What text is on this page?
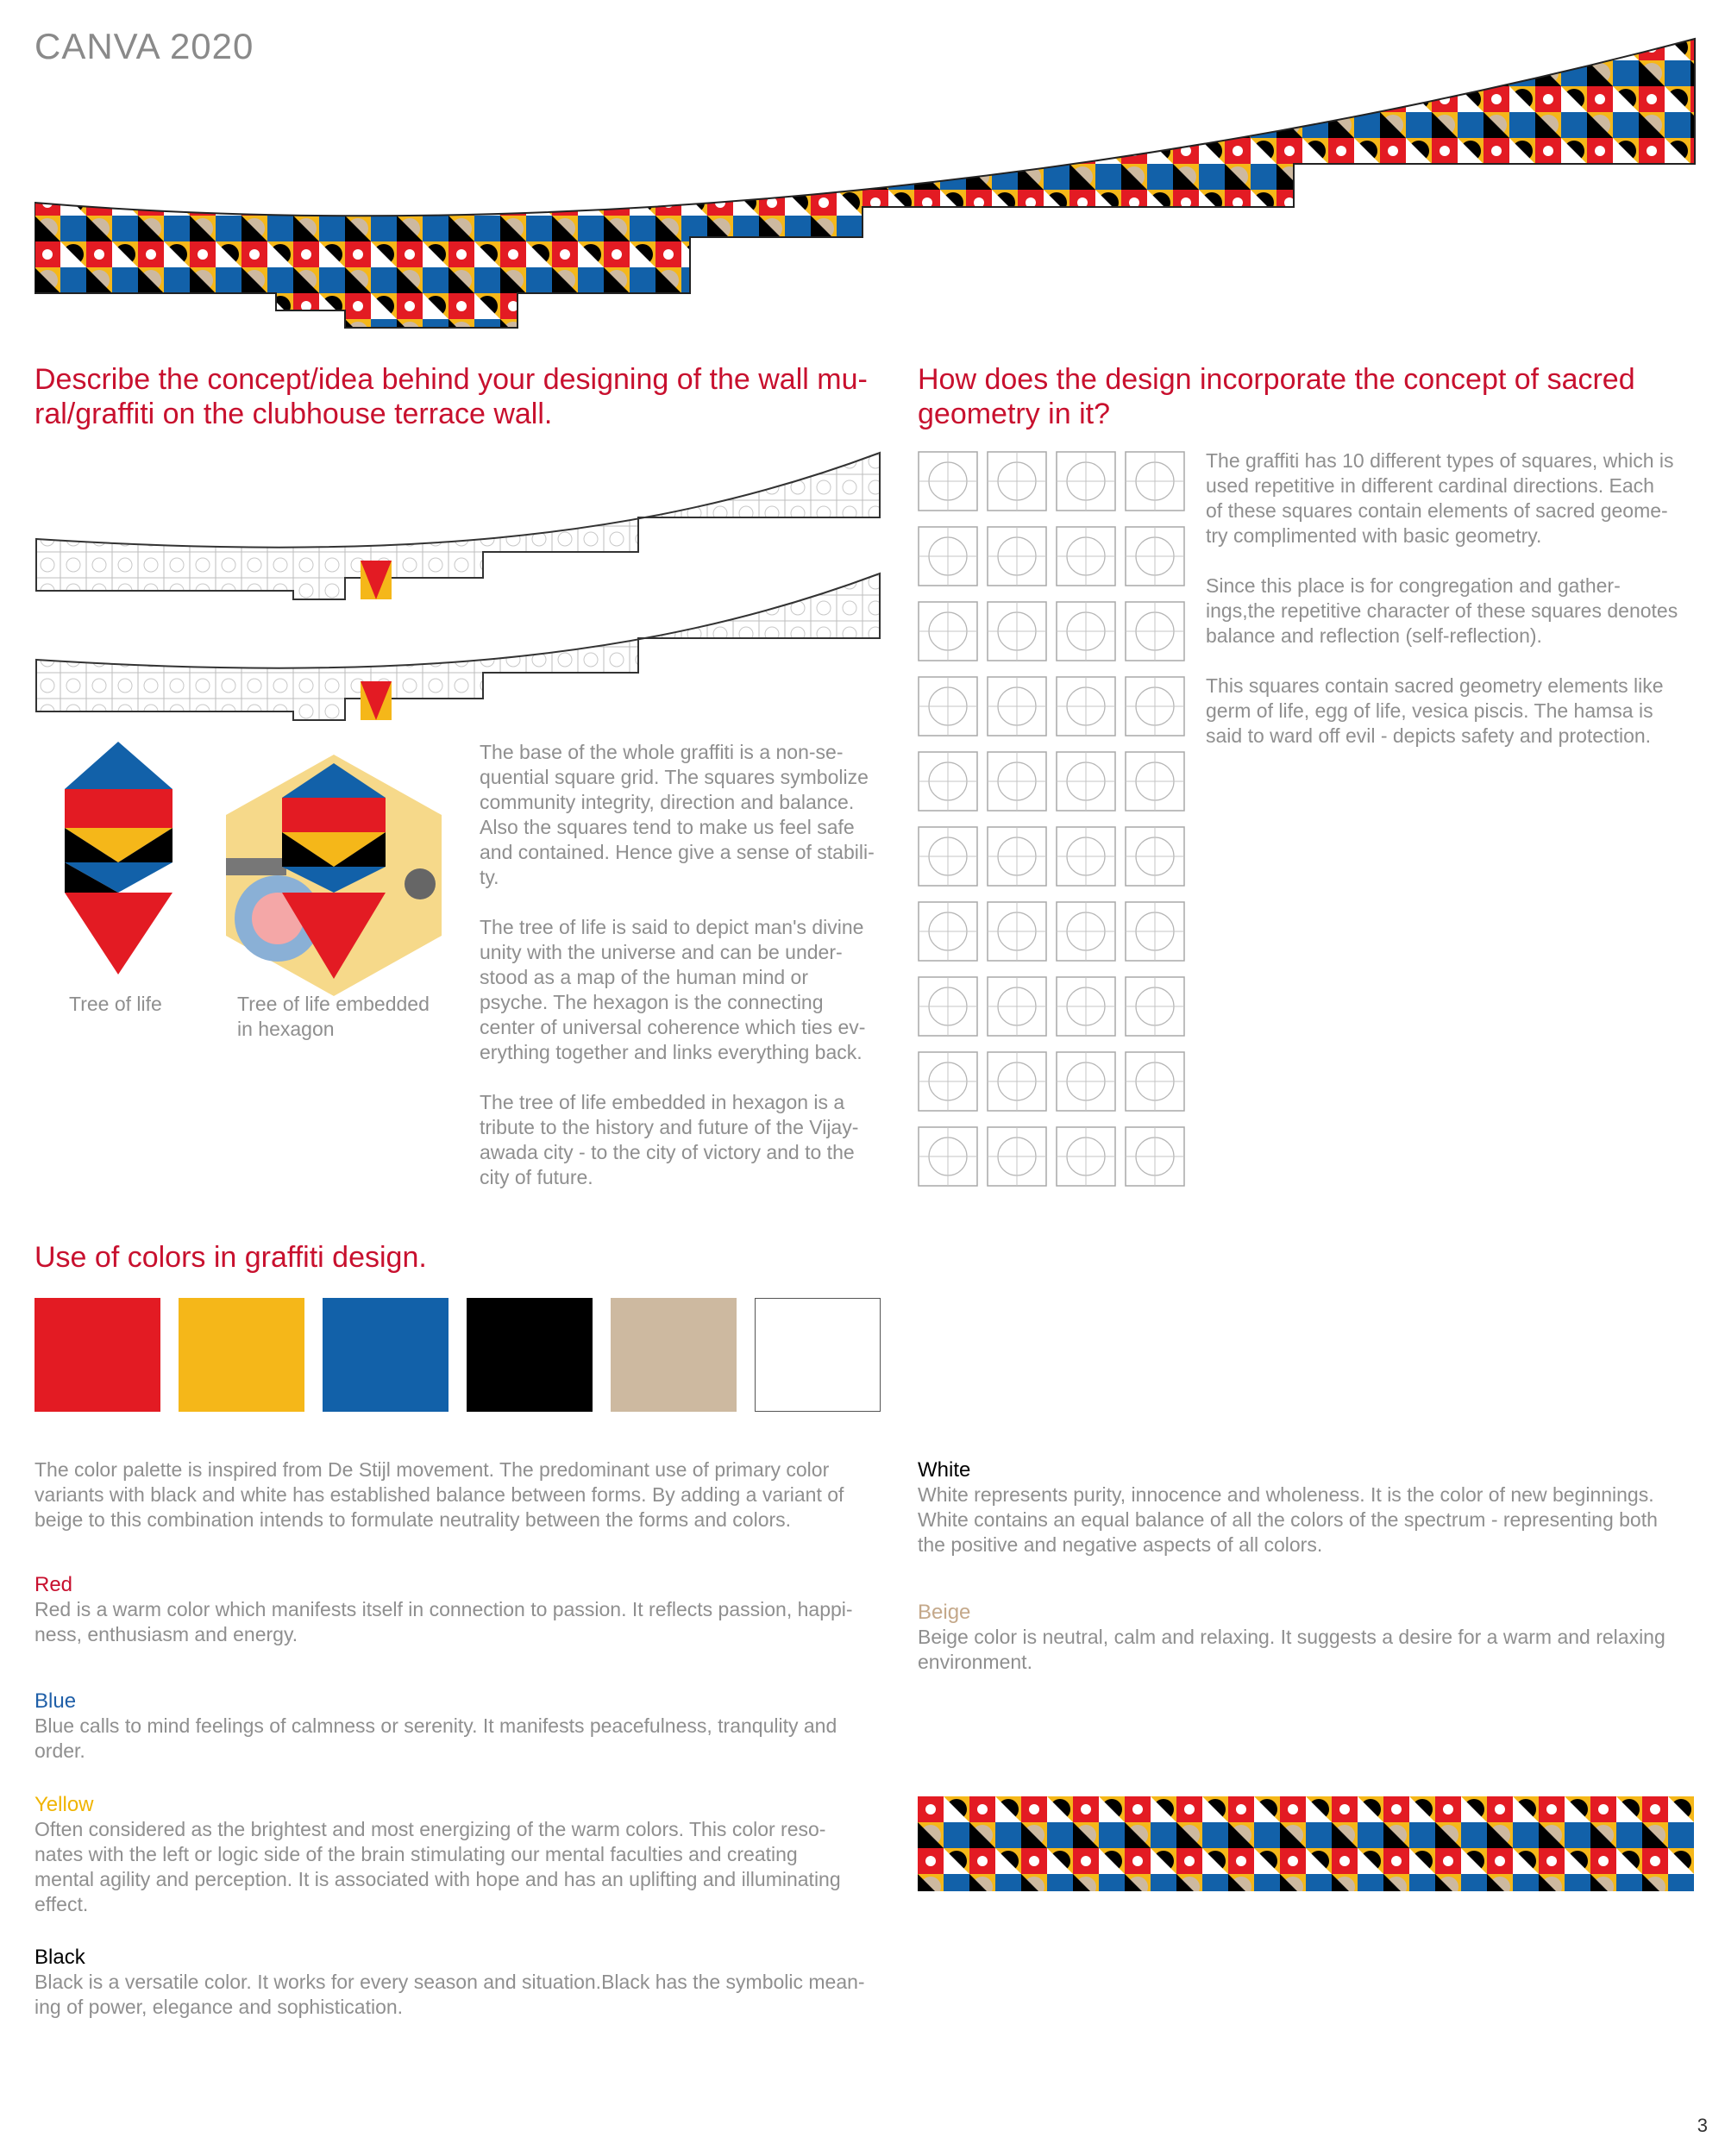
CANVA 2020
Describe the concept/idea behind your designing of the wall mu-
ral/graffiti on the clubhouse terrace wall.
Tree of life	Tree of life embedded
in hexagon

The base of the whole graffiti is a non-se-
quential square grid. The squares symbolize
community integrity, direction and balance.
Also the squares tend to make us feel safe
and contained. Hence give a sense of stabili-
ty.

The tree of life is said to depict man's divine
unity with the universe and can be under-
stood as a map of the human mind or
psyche. The hexagon is the connecting
center of universal coherence which ties ev-
erything together and links everything back.

The tree of life embedded in hexagon is a
tribute to the history and future of the Vijay-
awada city - to the city of victory and to the
city of future.

How does the design incorporate the concept of sacred
geometry in it?

The graffiti has 10 different types of squares, which is
used repetitive in different cardinal directions. Each
of these squares contain elements of sacred geome-
try complimented with basic geometry.

Since this place is for congregation and gather-
ings,the repetitive character of these squares denotes
balance and reflection (self-reflection).

This squares contain sacred geometry elements like
germ of life, egg of life, vesica piscis. The hamsa is
said to ward off evil - depicts safety and protection.

Use of colors in graffiti design.
The color palette is inspired from De Stijl movement. The predominant use of primary color
variants with black and white has established balance between forms. By adding a variant of
beige to this combination intends to formulate neutrality between the forms and colors.
Red
Red is a warm color which manifests itself in connection to passion. It reflects passion, happi-
ness, enthusiasm and energy.
Blue
Blue calls to mind feelings of calmness or serenity. It manifests peacefulness, tranqulity and
order.
Yellow
Often considered as the brightest and most energizing of the warm colors. This color reso-
nates with the left or logic side of the brain stimulating our mental faculties and creating
mental agility and perception. It is associated with hope and has an uplifting and illuminating
effect.
Black
Black is a versatile color. It works for every season and situation.Black has the symbolic mean-
ing of power, elegance and sophistication.
White
White represents purity, innocence and wholeness. It is the color of new beginnings.
White contains an equal balance of all the colors of the spectrum - representing both
the positive and negative aspects of all colors.
Beige
Beige color is neutral, calm and relaxing. It suggests a desire for a warm and relaxing
environment.
3
